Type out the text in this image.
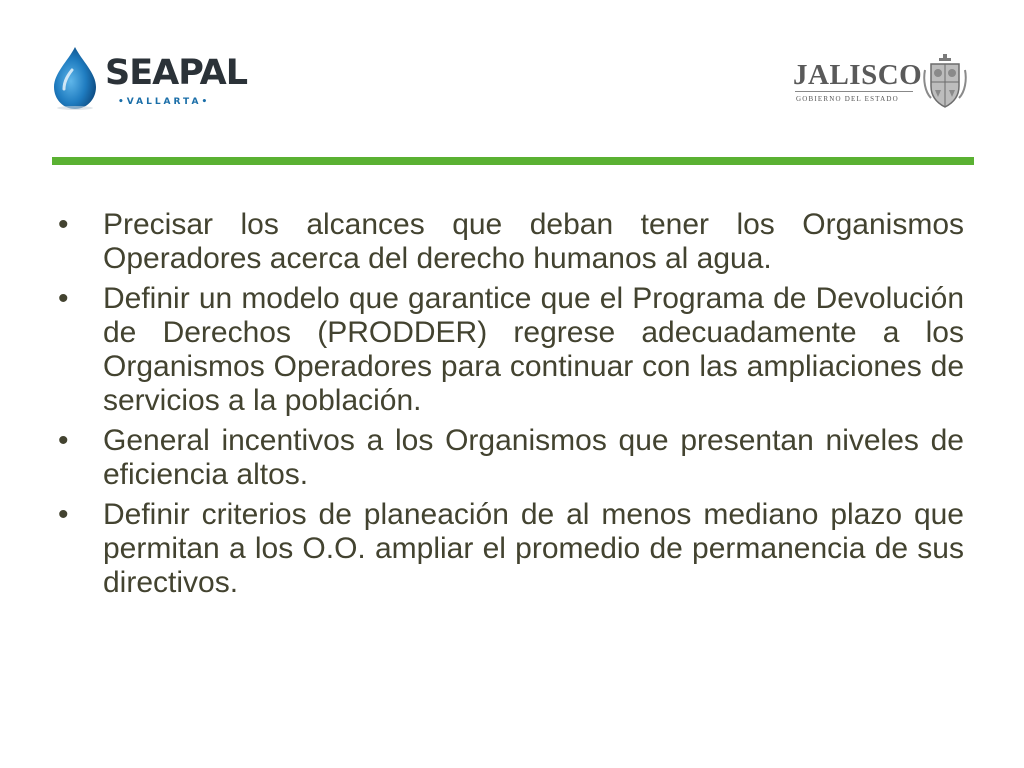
SEAPAL
•VALLARTA•
JALISCO
GOBIERNO DEL ESTADO
•	Precisar los alcances que deban tener los Organismos Operadores acerca del derecho humanos al agua.
•	Definir un modelo que garantice que el Programa de Devolución de Derechos (PRODDER) regrese adecuadamente a los Organismos Operadores para continuar con las ampliaciones de servicios a la población.
•	General incentivos a los Organismos que presentan niveles de eficiencia altos.
•	Definir criterios de planeación de al menos mediano plazo que permitan a los O.O. ampliar el promedio de permanencia de sus directivos.
